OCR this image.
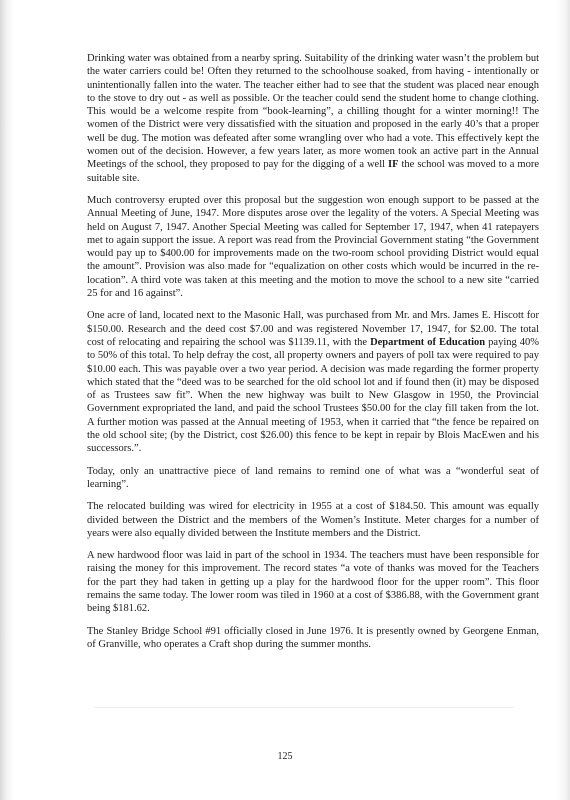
Drinking water was obtained from a nearby spring. Suitability of the drinking water wasn’t the problem but the water carriers could be! Often they returned to the schoolhouse soaked, from having - intentionally or unintentionally fallen into the water. The teacher either had to see that the student was placed near enough to the stove to dry out - as well as possible. Or the teacher could send the student home to change clothing. This would be a welcome respite from “book-learning”, a chilling thought for a winter morning!! The women of the District were very dissatisfied with the situation and proposed in the early 40’s that a proper well be dug. The motion was defeated after some wrangling over who had a vote. This effectively kept the women out of the decision. However, a few years later, as more women took an active part in the Annual Meetings of the school, they proposed to pay for the digging of a well IF the school was moved to a more suitable site.

Much controversy erupted over this proposal but the suggestion won enough support to be passed at the Annual Meeting of June, 1947. More disputes arose over the legality of the voters. A Special Meeting was held on August 7, 1947. Another Special Meeting was called for September 17, 1947, when 41 ratepayers met to again support the issue. A report was read from the Provincial Government stating “the Government would pay up to $400.00 for improvements made on the two-room school providing District would equal the amount”. Provision was also made for “equalization on other costs which would be incurred in the re-location”. A third vote was taken at this meeting and the motion to move the school to a new site “carried 25 for and 16 against”.

One acre of land, located next to the Masonic Hall, was purchased from Mr. and Mrs. James E. Hiscott for $150.00. Research and the deed cost $7.00 and was registered November 17, 1947, for $2.00. The total cost of relocating and repairing the school was $1139.11, with the Department of Education paying 40% to 50% of this total. To help defray the cost, all property owners and payers of poll tax were required to pay $10.00 each. This was payable over a two year period. A decision was made regarding the former property which stated that the “deed was to be searched for the old school lot and if found then (it) may be disposed of as Trustees saw fit”. When the new highway was built to New Glasgow in 1950, the Provincial Government expropriated the land, and paid the school Trustees $50.00 for the clay fill taken from the lot. A further motion was passed at the Annual meeting of 1953, when it carried that “the fence be repaired on the old school site; (by the District, cost $26.00) this fence to be kept in repair by Blois MacEwen and his successors.”.

Today, only an unattractive piece of land remains to remind one of what was a “wonderful seat of learning”.

The relocated building was wired for electricity in 1955 at a cost of $184.50. This amount was equally divided between the District and the members of the Women’s Institute. Meter charges for a number of years were also equally divided between the Institute members and the District.

A new hardwood floor was laid in part of the school in 1934. The teachers must have been responsible for raising the money for this improvement. The record states “a vote of thanks was moved for the Teachers for the part they had taken in getting up a play for the hardwood floor for the upper room”. This floor remains the same today. The lower room was tiled in 1960 at a cost of $386.88, with the Government grant being $181.62.

The Stanley Bridge School #91 officially closed in June 1976. It is presently owned by Georgene Enman, of Granville, who operates a Craft shop during the summer months.

125
